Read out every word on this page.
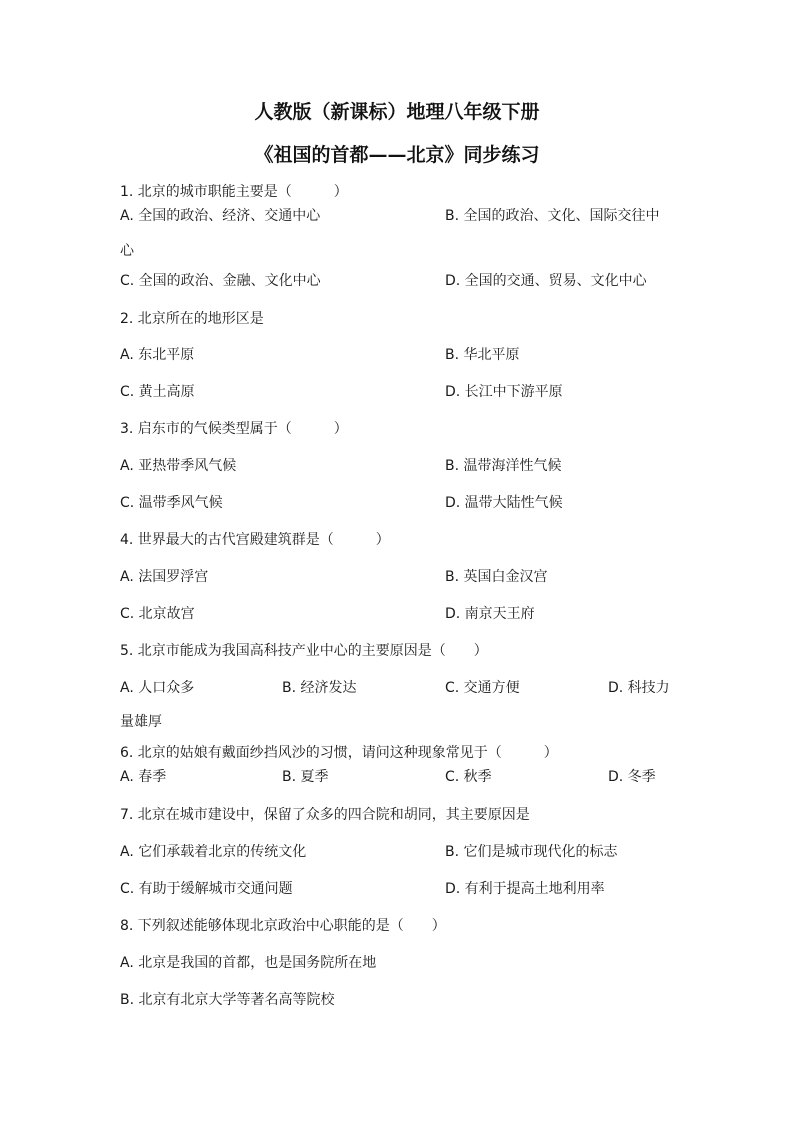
人教版（新课标）地理八年级下册
《祖国的首都——北京》同步练习
1. 北京的城市职能主要是（　　　）
A. 全国的政治、经济、交通中心	B. 全国的政治、文化、国际交往中
心
C. 全国的政治、金融、文化中心	D. 全国的交通、贸易、文化中心
2. 北京所在的地形区是
A. 东北平原	B. 华北平原
C. 黄土高原	D. 长江中下游平原
3. 启东市的气候类型属于（　　　）
A. 亚热带季风气候	B. 温带海洋性气候
C. 温带季风气候	D. 温带大陆性气候
4. 世界最大的古代宫殿建筑群是（　　　）
A. 法国罗浮宫	B. 英国白金汉宫
C. 北京故宫	D. 南京天王府
5. 北京市能成为我国高科技产业中心的主要原因是（　　）
A. 人口众多	B. 经济发达	C. 交通方便	D. 科技力
量雄厚
6. 北京的姑娘有戴面纱挡风沙的习惯，请问这种现象常见于（　　　）
A. 春季	B. 夏季	C. 秋季	D. 冬季
7. 北京在城市建设中，保留了众多的四合院和胡同，其主要原因是
A. 它们承载着北京的传统文化	B. 它们是城市现代化的标志
C. 有助于缓解城市交通问题	D. 有利于提高土地利用率
8. 下列叙述能够体现北京政治中心职能的是（　　）
A. 北京是我国的首都，也是国务院所在地
B. 北京有北京大学等著名高等院校
